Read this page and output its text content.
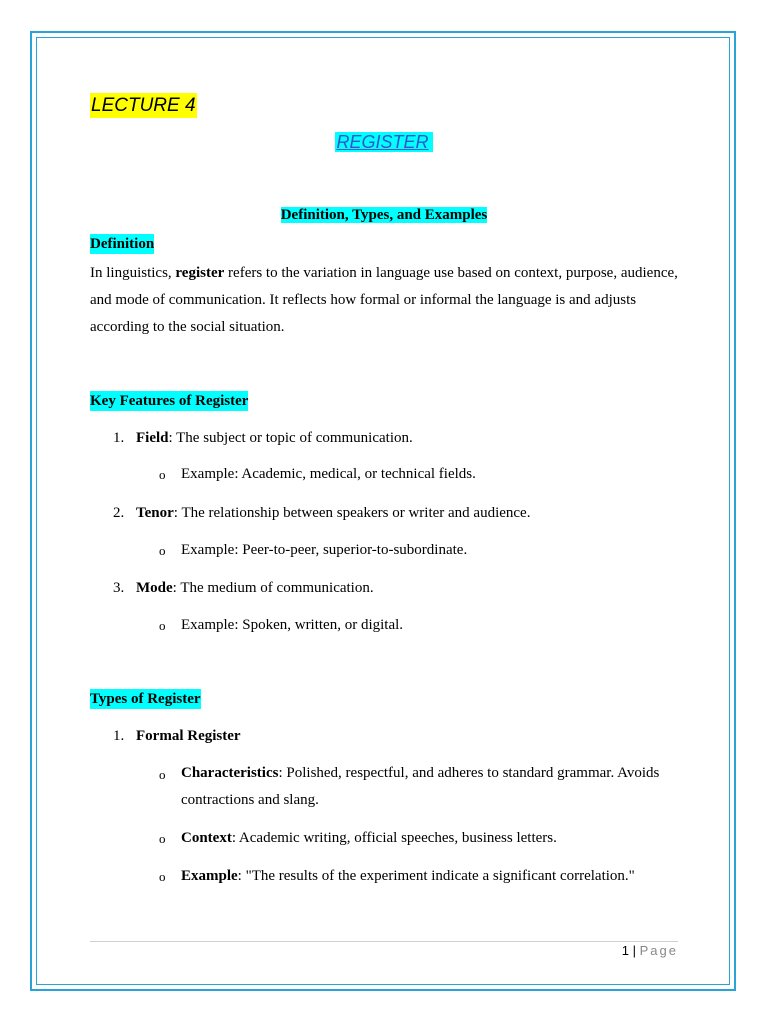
LECTURE 4
REGISTER
Definition, Types, and Examples
Definition
In linguistics, register refers to the variation in language use based on context, purpose, audience, and mode of communication. It reflects how formal or informal the language is and adjusts according to the social situation.
Key Features of Register
1. Field: The subject or topic of communication.
o Example: Academic, medical, or technical fields.
2. Tenor: The relationship between speakers or writer and audience.
o Example: Peer-to-peer, superior-to-subordinate.
3. Mode: The medium of communication.
o Example: Spoken, written, or digital.
Types of Register
1. Formal Register
o Characteristics: Polished, respectful, and adheres to standard grammar. Avoids contractions and slang.
o Context: Academic writing, official speeches, business letters.
o Example: "The results of the experiment indicate a significant correlation."
1 | Page
